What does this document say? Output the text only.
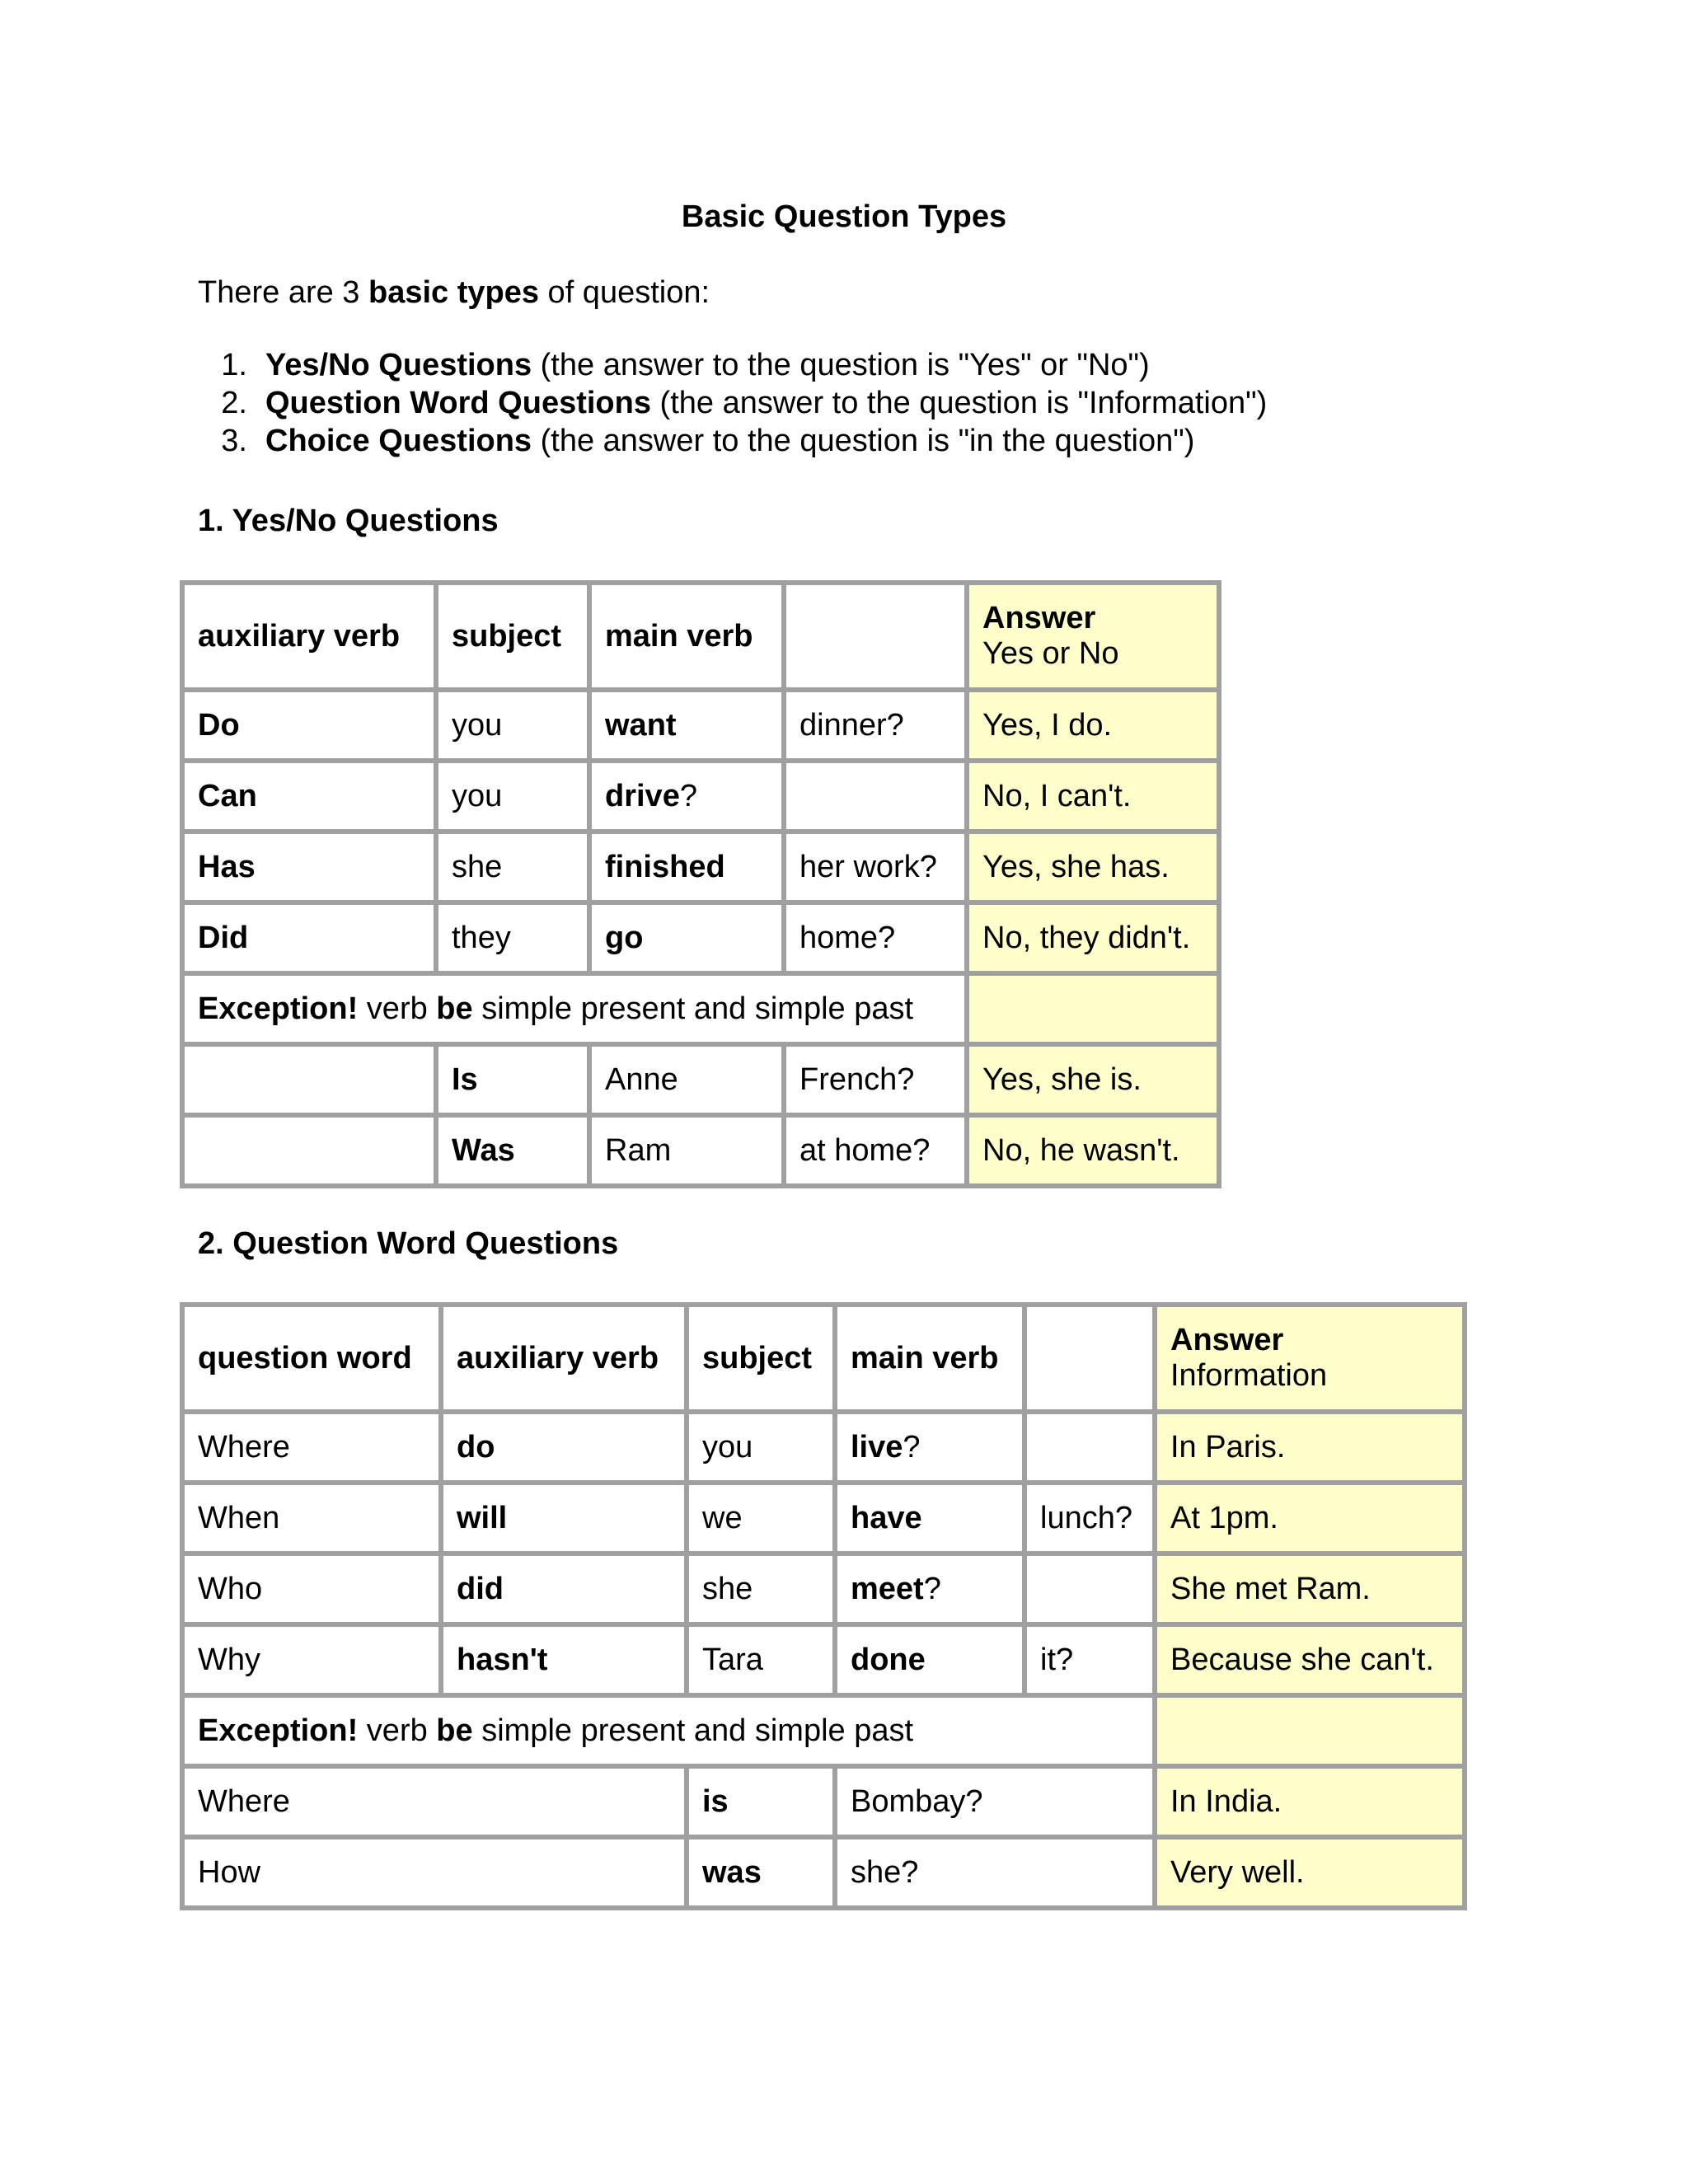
Basic Question Types
There are 3 basic types of question:
1. Yes/No Questions (the answer to the question is "Yes" or "No")
2. Question Word Questions (the answer to the question is "Information")
3. Choice Questions (the answer to the question is "in the question")
1. Yes/No Questions
auxiliary verb	subject	main verb		Answer
Yes or No

Do	you	want	dinner?	Yes, I do.
Can	you	drive?		No, I can't.
Has	she	finished	her work?	Yes, she has.
Did	they	go	home?	No, they didn't.
Exception! verb be simple present and simple past				
	Is	Anne	French?	Yes, she is.
	Was	Ram	at home?	No, he wasn't.
2. Question Word Questions
question word	auxiliary verb	subject	main verb		Answer
Information

Where	do	you	live?		In Paris.
When	will	we	have	lunch?	At 1pm.
Who	did	she	meet?		She met Ram.
Why	hasn't	Tara	done	it?	Because she can't.
Exception! verb be simple present and simple past					
Where		is	Bombay?		In India.
How		was	she?		Very well.
